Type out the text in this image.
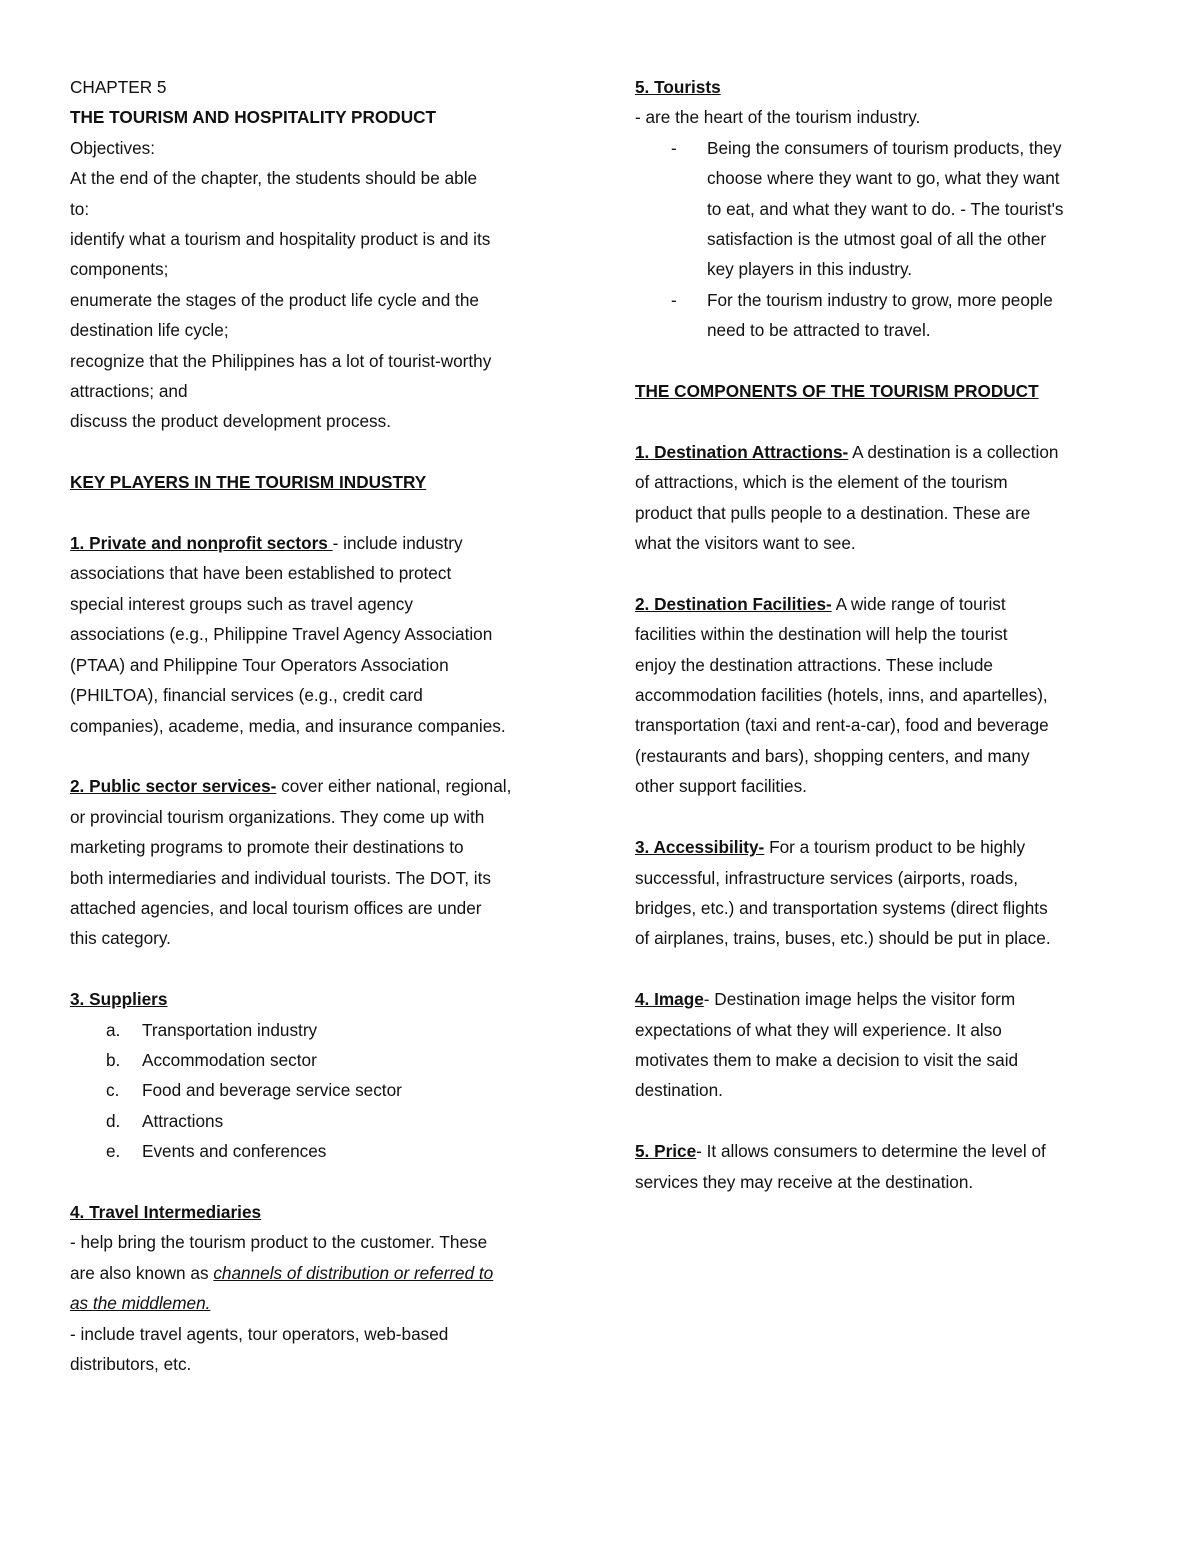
CHAPTER 5
THE TOURISM AND HOSPITALITY PRODUCT
Objectives:
At the end of the chapter, the students should be able
to:
identify what a tourism and hospitality product is and its
components;
enumerate the stages of the product life cycle and the
destination life cycle;
recognize that the Philippines has a lot of tourist-worthy
attractions; and
discuss the product development process.
KEY PLAYERS IN THE TOURISM INDUSTRY
1. Private and nonprofit sectors - include industry
associations that have been established to protect
special interest groups such as travel agency
associations (e.g., Philippine Travel Agency Association
(PTAA) and Philippine Tour Operators Association
(PHILTOA), financial services (e.g., credit card
companies), academe, media, and insurance companies.
2. Public sector services- cover either national, regional,
or provincial tourism organizations. They come up with
marketing programs to promote their destinations to
both intermediaries and individual tourists. The DOT, its
attached agencies, and local tourism offices are under
this category.
3. Suppliers
a.	Transportation industry
b.	Accommodation sector
c.	Food and beverage service sector
d.	Attractions
e.	Events and conferences
4. Travel Intermediaries
- help bring the tourism product to the customer. These
are also known as channels of distribution or referred to
as the middlemen.
- include travel agents, tour operators, web-based
distributors, etc.
5. Tourists
- are the heart of the tourism industry.
-	Being the consumers of tourism products, they
choose where they want to go, what they want
to eat, and what they want to do. - The tourist's
satisfaction is the utmost goal of all the other
key players in this industry.
-	For the tourism industry to grow, more people
need to be attracted to travel.
THE COMPONENTS OF THE TOURISM PRODUCT
1. Destination Attractions- A destination is a collection
of attractions, which is the element of the tourism
product that pulls people to a destination. These are
what the visitors want to see.
2. Destination Facilities- A wide range of tourist
facilities within the destination will help the tourist
enjoy the destination attractions. These include
accommodation facilities (hotels, inns, and apartelles),
transportation (taxi and rent-a-car), food and beverage
(restaurants and bars), shopping centers, and many
other support facilities.
3. Accessibility- For a tourism product to be highly
successful, infrastructure services (airports, roads,
bridges, etc.) and transportation systems (direct flights
of airplanes, trains, buses, etc.) should be put in place.
4. Image- Destination image helps the visitor form
expectations of what they will experience. It also
motivates them to make a decision to visit the said
destination.
5. Price- It allows consumers to determine the level of
services they may receive at the destination.
